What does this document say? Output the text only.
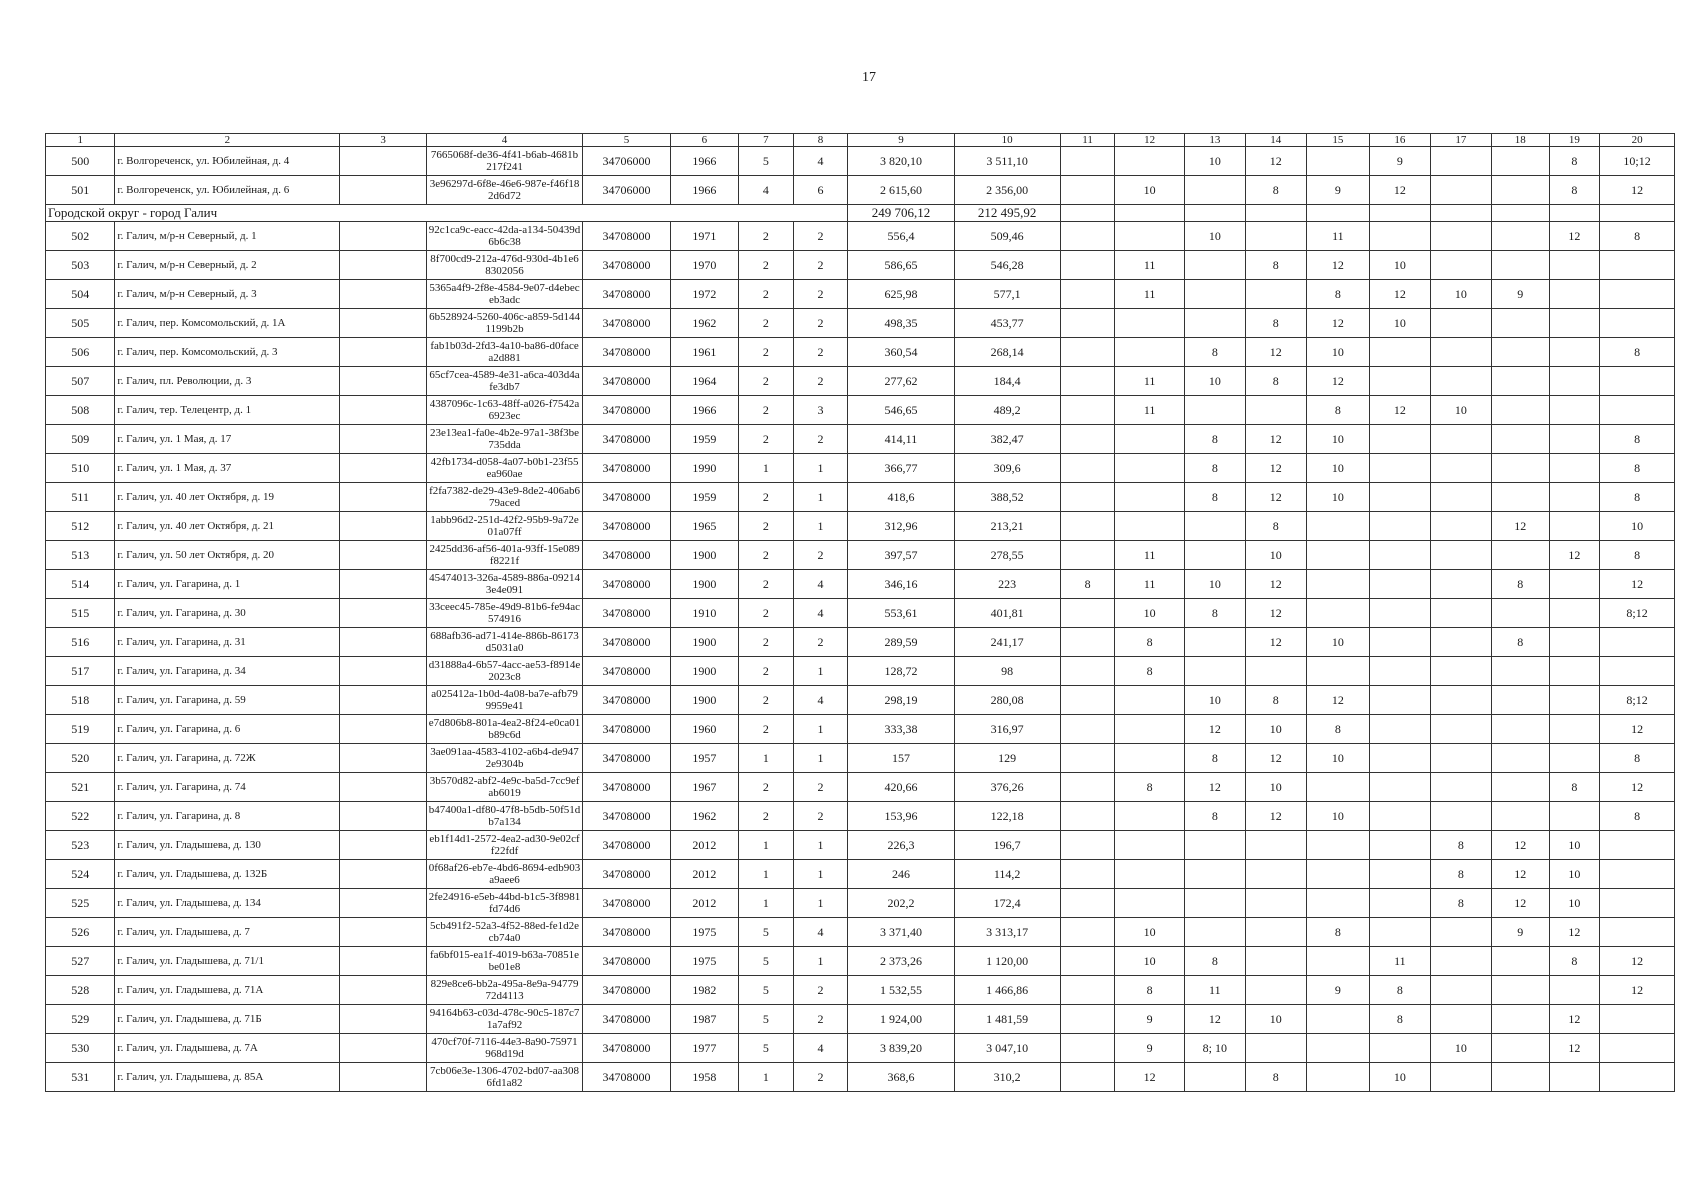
17
1	2	3	4	5	6	7	8	9	10	11	12	13	14	15	16	17	18	19	20
500	г. Волгореченск, ул. Юбилейная, д. 4		7665068f-de36-4f41-b6ab-4681b217f241	34706000	1966	5	4	3 820,10	3 511,10			10	12		9			8	10;12
501	г. Волгореченск, ул. Юбилейная, д. 6		3e96297d-6f8e-46e6-987e-f46f182d6d72	34706000	1966	4	6	2 615,60	2 356,00		10		8	9	12			8	12
Городской округ - город Галич								249 706,12	212 495,92										
502	г. Галич, м/р-н Северный, д. 1		92c1ca9c-eacc-42da-a134-50439d6b6c38	34708000	1971	2	2	556,4	509,46			10		11				12	8
503	г. Галич, м/р-н Северный, д. 2		8f700cd9-212a-476d-930d-4b1e68302056	34708000	1970	2	2	586,65	546,28		11		8	12	10				
504	г. Галич, м/р-н Северный, д. 3		5365a4f9-2f8e-4584-9e07-d4ebeceb3adc	34708000	1972	2	2	625,98	577,1		11			8	12	10	9		
505	г. Галич, пер. Комсомольский, д. 1А		6b528924-5260-406c-a859-5d1441199b2b	34708000	1962	2	2	498,35	453,77				8	12	10				
506	г. Галич, пер. Комсомольский, д. 3		fab1b03d-2fd3-4a10-ba86-d0facea2d881	34708000	1961	2	2	360,54	268,14			8	12	10					8
507	г. Галич, пл. Революции, д. 3		65cf7cea-4589-4e31-a6ca-403d4afe3db7	34708000	1964	2	2	277,62	184,4		11	10	8	12					
508	г. Галич, тер. Телецентр, д. 1		4387096c-1c63-48ff-a026-f7542a6923ec	34708000	1966	2	3	546,65	489,2		11			8	12	10			
509	г. Галич, ул. 1 Мая, д. 17		23e13ea1-fa0e-4b2e-97a1-38f3be735dda	34708000	1959	2	2	414,11	382,47			8	12	10					8
510	г. Галич, ул. 1 Мая, д. 37		42fb1734-d058-4a07-b0b1-23f55ea960ae	34708000	1990	1	1	366,77	309,6			8	12	10					8
511	г. Галич, ул. 40 лет Октября, д. 19		f2fa7382-de29-43e9-8de2-406ab679aced	34708000	1959	2	1	418,6	388,52			8	12	10					8
512	г. Галич, ул. 40 лет Октября, д. 21		1abb96d2-251d-42f2-95b9-9a72e01a07ff	34708000	1965	2	1	312,96	213,21				8				12		10
513	г. Галич, ул. 50 лет Октября, д. 20		2425dd36-af56-401a-93ff-15e089f8221f	34708000	1900	2	2	397,57	278,55		11		10					12	8
514	г. Галич, ул. Гагарина, д. 1		45474013-326a-4589-886a-092143e4e091	34708000	1900	2	4	346,16	223	8	11	10	12				8		12
515	г. Галич, ул. Гагарина, д. 30		33ceec45-785e-49d9-81b6-fe94ac574916	34708000	1910	2	4	553,61	401,81		10	8	12						8;12
516	г. Галич, ул. Гагарина, д. 31		688afb36-ad71-414e-886b-86173d5031a0	34708000	1900	2	2	289,59	241,17		8		12	10			8		
517	г. Галич, ул. Гагарина, д. 34		d31888a4-6b57-4acc-ae53-f8914e2023c8	34708000	1900	2	1	128,72	98		8								
518	г. Галич, ул. Гагарина, д. 59		a025412a-1b0d-4a08-ba7e-afb799959e41	34708000	1900	2	4	298,19	280,08			10	8	12					8;12
519	г. Галич, ул. Гагарина, д. 6		e7d806b8-801a-4ea2-8f24-e0ca01b89c6d	34708000	1960	2	1	333,38	316,97			12	10	8					12
520	г. Галич, ул. Гагарина, д. 72Ж		3ae091aa-4583-4102-a6b4-de9472e9304b	34708000	1957	1	1	157	129			8	12	10					8
521	г. Галич, ул. Гагарина, д. 74		3b570d82-abf2-4e9c-ba5d-7cc9efab6019	34708000	1967	2	2	420,66	376,26		8	12	10					8	12
522	г. Галич, ул. Гагарина, д. 8		b47400a1-df80-47f8-b5db-50f51db7a134	34708000	1962	2	2	153,96	122,18			8	12	10					8
523	г. Галич, ул. Гладышева, д. 130		eb1f14d1-2572-4ea2-ad30-9e02cff22fdf	34708000	2012	1	1	226,3	196,7							8	12	10	
524	г. Галич, ул. Гладышева, д. 132Б		0f68af26-eb7e-4bd6-8694-edb903a9aee6	34708000	2012	1	1	246	114,2							8	12	10	
525	г. Галич, ул. Гладышева, д. 134		2fe24916-e5eb-44bd-b1c5-3f8981fd74d6	34708000	2012	1	1	202,2	172,4							8	12	10	
526	г. Галич, ул. Гладышева, д. 7		5cb491f2-52a3-4f52-88ed-fe1d2ecb74a0	34708000	1975	5	4	3 371,40	3 313,17		10			8			9	12	
527	г. Галич, ул. Гладышева, д. 71/1		fa6bf015-ea1f-4019-b63a-70851ebe01e8	34708000	1975	5	1	2 373,26	1 120,00		10	8			11			8	12
528	г. Галич, ул. Гладышева, д. 71А		829e8ce6-bb2a-495a-8e9a-9477972d4113	34708000	1982	5	2	1 532,55	1 466,86		8	11		9	8				12
529	г. Галич, ул. Гладышева, д. 71Б		94164b63-c03d-478c-90c5-187c71a7af92	34708000	1987	5	2	1 924,00	1 481,59		9	12	10		8			12	
530	г. Галич, ул. Гладышева, д. 7А		470cf70f-7116-44e3-8a90-75971968d19d	34708000	1977	5	4	3 839,20	3 047,10		9	8; 10				10		12	
531	г. Галич, ул. Гладышева, д. 85А		7cb06e3e-1306-4702-bd07-aa3086fd1a82	34708000	1958	1	2	368,6	310,2		12		8		10				
